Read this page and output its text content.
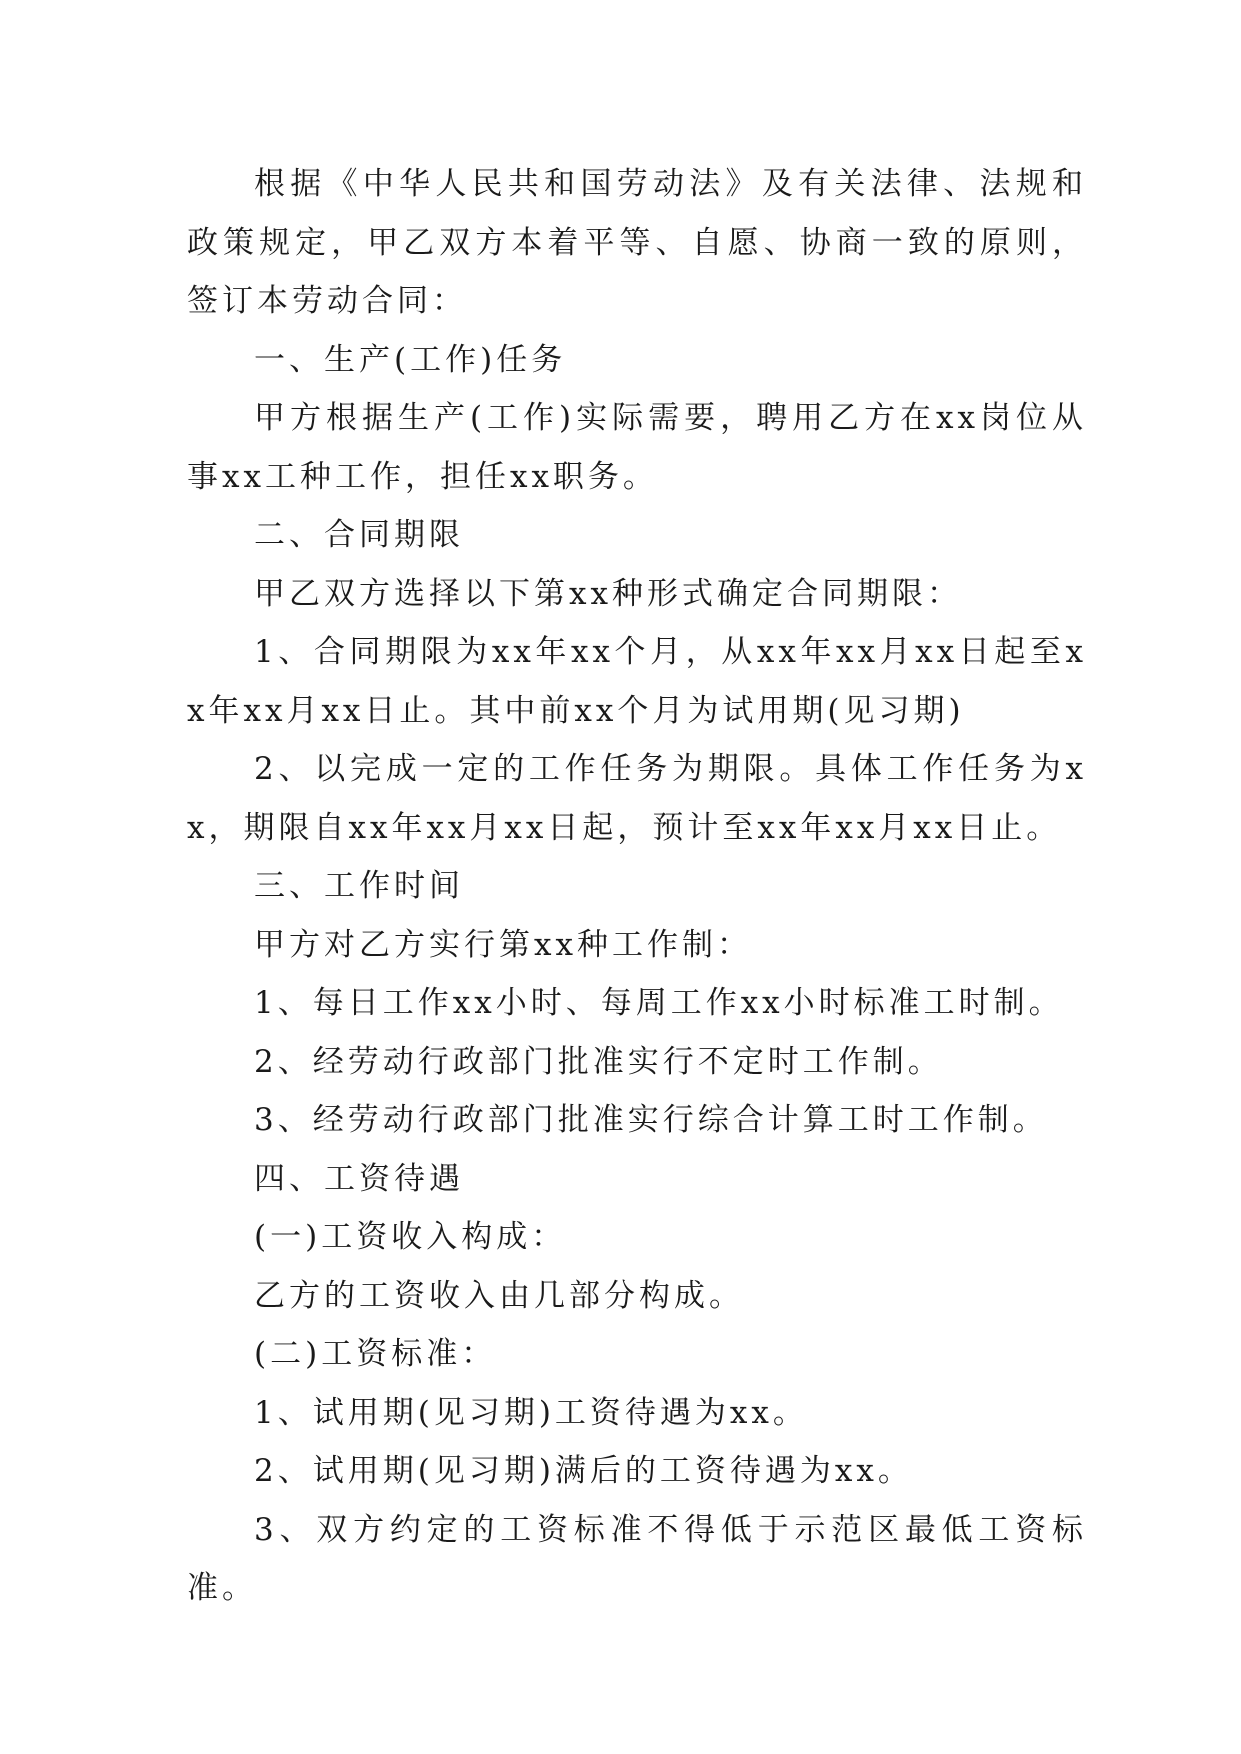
根据《中华人民共和国劳动法》及有关法律、法规和政策规定，甲乙双方本着平等、自愿、协商一致的原则，签订本劳动合同：

一、生产(工作)任务

甲方根据生产(工作)实际需要，聘用乙方在xx岗位从事xx工种工作，担任xx职务。

二、合同期限

甲乙双方选择以下第xx种形式确定合同期限：

1、合同期限为xx年xx个月，从xx年xx月xx日起至xx年xx月xx日止。其中前xx个月为试用期(见习期)

2、以完成一定的工作任务为期限。具体工作任务为xx，期限自xx年xx月xx日起，预计至xx年xx月xx日止。

三、工作时间

甲方对乙方实行第xx种工作制：

1、每日工作xx小时、每周工作xx小时标准工时制。

2、经劳动行政部门批准实行不定时工作制。

3、经劳动行政部门批准实行综合计算工时工作制。

四、工资待遇

(一)工资收入构成：

乙方的工资收入由几部分构成。

(二)工资标准：

1、试用期(见习期)工资待遇为xx。

2、试用期(见习期)满后的工资待遇为xx。

3、双方约定的工资标准不得低于示范区最低工资标准。
